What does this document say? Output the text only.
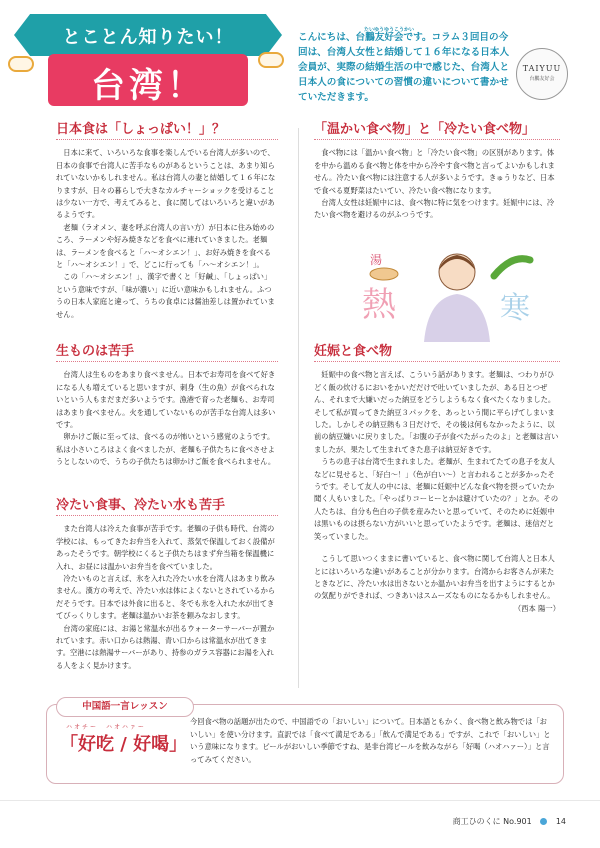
とことん知りたい！
台湾！
たいゆうゆうこうかい
こんにちは、台鵬友好会です。コラム３回目の今回は、台湾人女性と結婚して１６年になる日本人会員が、実際の結婚生活の中で感じた、台湾人と日本人の食についての習慣の違いについて書かせていただきます。
TAIYUU
台鵬友好会
日本食は「しょっぱい！」？

日本に来て、いろいろな食事を楽しんでいる台湾人が多いので、日本の食事で台湾人に苦手なものがあるということは、あまり知られていないかもしれません。私は台湾人の妻と結婚して１６年になりますが、日々の暮らしで大きなカルチャーショックを受けることは少ない一方で、考えてみると、食に関してはいろいろと違いがあるようです。

老麺（ラオメン、妻を呼ぶ台湾人の言い方）が日本に住み始めのころ、ラーメンや好み焼きなどを食べに連れていきました。老麺は、ラーメンを食べると「ハ〜オシエン！」、お好み焼きを食べると「ハ〜オシエン！」で、どこに行っても「ハ〜オシエン！」。

この「ハ〜オシエン！」、漢字で書くと「好鹹」、「しょっぱい」という意味ですが、「味が濃い」に近い意味かもしれません。ふつうの日本人家庭と違って、うちの食卓には醤油差しは置かれていません。

生ものは苦手

台湾人は生ものをあまり食べません。日本でお寿司を食べて好きになる人も増えていると思いますが、刺身（生の魚）が食べられないという人もまだまだ多いようです。漁港で育った老麺も、お寿司はあまり食べません。火を通していないものが苦手な台湾人は多いです。

卵かけご飯に至っては、食べるのが怖いという感覚のようです。私は小さいころはよく食べましたが、老麺も子供たちに食べさせようとしないので、うちの子供たちは卵かけご飯を食べられません。

冷たい食事、冷たい水も苦手

また台湾人は冷えた食事が苦手です。老麺の子供も時代、台湾の学校には、もってきたお弁当を入れて、蒸気で保温しておく設備があったそうです。朝学校にくると子供たちはまず弁当箱を保温機に入れ、お昼には温かいお弁当を食べていました。

冷たいものと言えば、氷を入れた冷たい水を台湾人はあまり飲みません。漢方の考えで、冷たい水は体によくないとされているからだそうです。日本では外食に出ると、冬でも氷を入れた水が出てきてびっくりします。老麺は温かいお茶を頼みなおします。

台湾の家庭には、お湯と常温水が出るウォーターサーバーが置かれています。赤い口からは熱湯、青い口からは常温水が出てきます。空港には熱湯サーバーがあり、持参のガラス容器にお湯を入れる人をよく見かけます。

「温かい食べ物」と「冷たい食べ物」

食べ物には「温かい食べ物」と「冷たい食べ物」の区別があります。体を中から温める食べ物と体を中から冷やす食べ物と言ってよいかもしれません。冷たい食べ物には注意する人が多いようです。きゅうりなど、日本で食べる夏野菜はたいてい、冷たい食べ物になります。

台湾人女性は妊娠中には、食べ物に特に気をつけます。妊娠中には、冷たい食べ物を避けるのがふつうです。

湯
熱	寒
妊娠と食べ物

妊娠中の食べ物と言えば、こういう話があります。老麺は、つわりがひどく飯の炊けるにおいをかいだだけで吐いていましたが、ある日とつぜん、それまで大嫌いだった納豆をどうしようもなく食べたくなりました。そして私が買ってきた納豆３パックを、あっという間に平らげてしまいました。しかしその納豆熱も３日だけで、その後は何もなかったように、以前の納豆嫌いに戻りました。「お腹の子が食べたがったのよ」と老麺は言いましたが、果たして生まれてきた息子は納豆好きです。

うちの息子は台湾で生まれました。老麺が、生まれてたての息子を友人などに見せると、「好白〜！」（色が白い〜）と言われることが多かったそうです。そして友人の中には、老麺に妊娠中どんな食べ物を摂っていたか聞く人もいました。「やっぱりコーヒーとかは避けていたの？」とか。その人たちは、自分も色白の子供を産みたいと思っていて、そのために妊娠中は黒いものは摂らない方がいいと思っていたようです。老麺は、迷信だと笑っていました。

こうして思いつくままに書いていると、食べ物に関して台湾人と日本人とにはいろいろな違いがあることが分かります。台湾からお客さんが来たときなどに、冷たい水は出さないとか温かいお弁当を出すようにするとかの気配りができれば、つきあいはスムーズなものになるかもしれません。

（西本 陽一）
中国語一言レッスン
ハオチー　ハオハァー
「好吃 / 好喝」
今回食べ物の話題が出たので、中国語での「おいしい」について。日本語ともかく、食べ物と飲み物では「おいしい」を使い分けます。直訳では「食べて満足である」「飲んで満足である」ですが、これで「おいしい」という意味になります。ビールがおいしい季節ですね、是非台湾ビールを飲みながら「好喝（ハオハァー）」と言ってみてください。
商工ひのくに No.901	14
